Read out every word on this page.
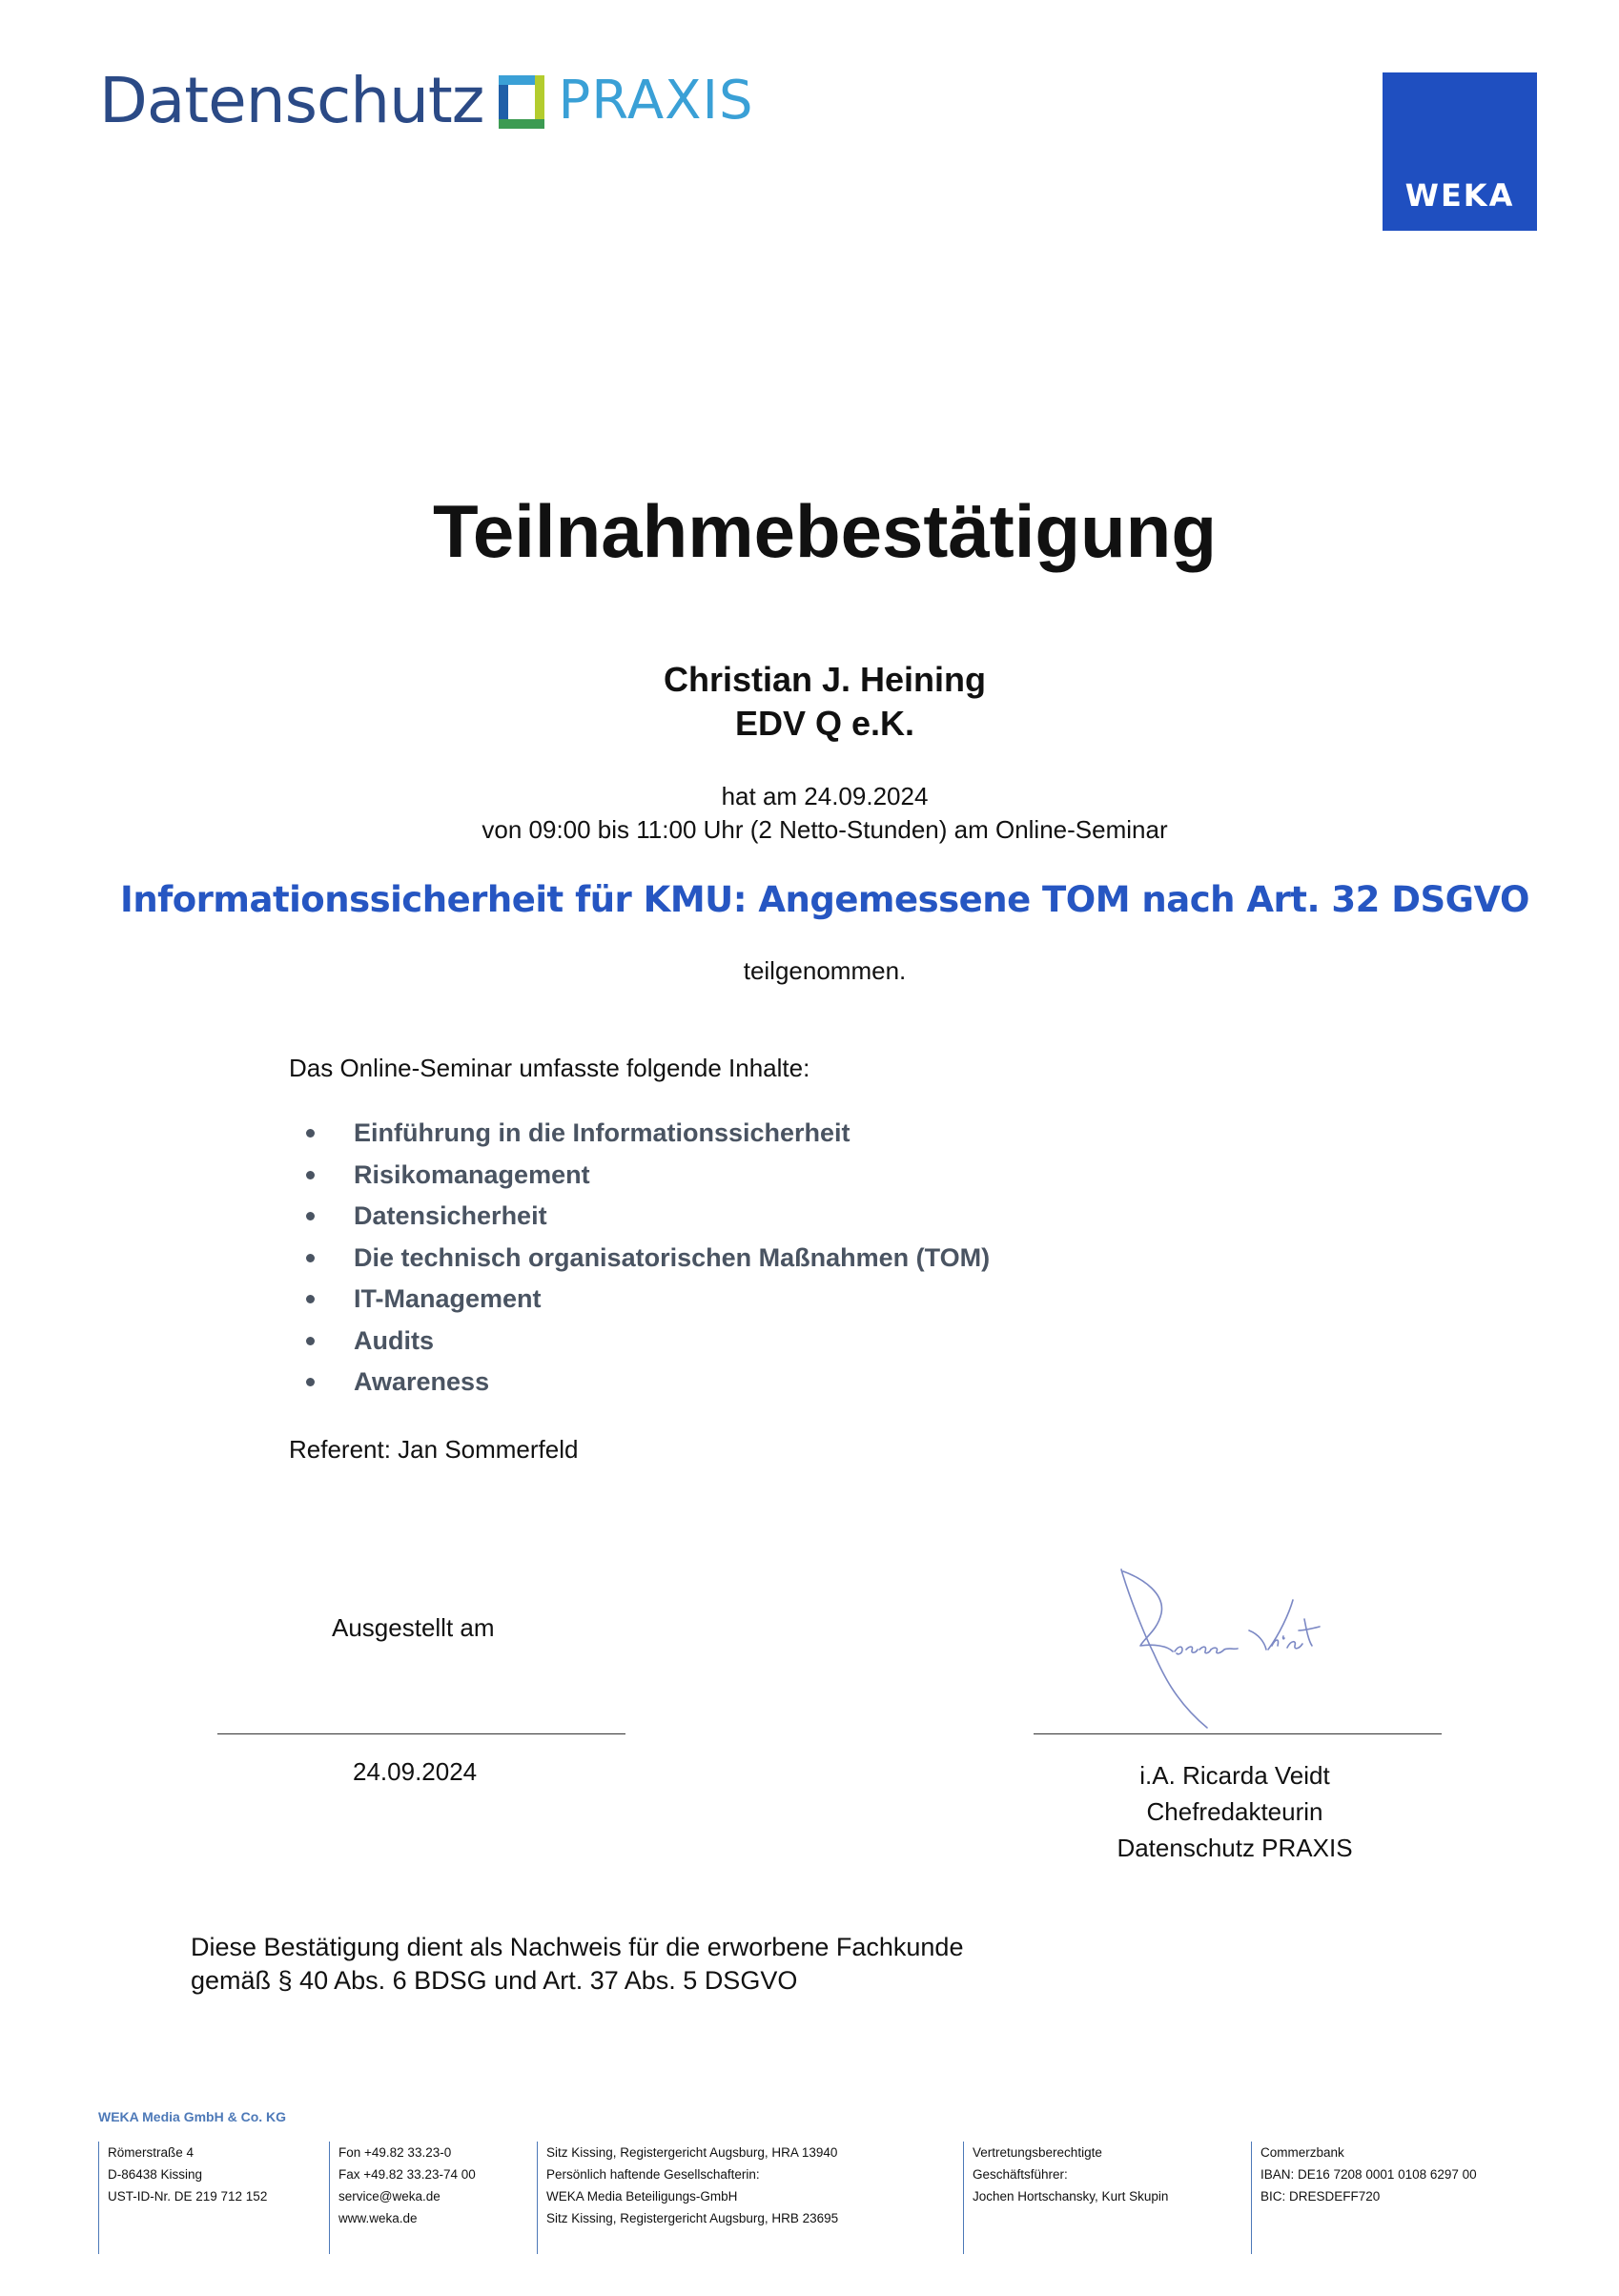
Datenschutz PRAXIS
WEKA
Teilnahmebestätigung
Christian J. Heining
EDV Q e.K.
hat am 24.09.2024
von 09:00 bis 11:00 Uhr (2 Netto-Stunden) am Online-Seminar
Informationssicherheit für KMU: Angemessene TOM nach Art. 32 DSGVO
teilgenommen.
Das Online-Seminar umfasste folgende Inhalte:
Einführung in die Informationssicherheit
Risikomanagement
Datensicherheit
Die technisch organisatorischen Maßnahmen (TOM)
IT-Management
Audits
Awareness
Referent: Jan Sommerfeld
Ausgestellt am
24.09.2024	i.A. Ricarda Veidt
Chefredakteurin
Datenschutz PRAXIS
Diese Bestätigung dient als Nachweis für die erworbene Fachkunde
gemäß § 40 Abs. 6 BDSG und Art. 37 Abs. 5 DSGVO
WEKA Media GmbH & Co. KG
Römerstraße 4
D-86438 Kissing
UST-ID-Nr. DE 219 712 152
Fon +49.82 33.23-0
Fax +49.82 33.23-74 00
service@weka.de
www.weka.de
Sitz Kissing, Registergericht Augsburg, HRA 13940
Persönlich haftende Gesellschafterin:
WEKA Media Beteiligungs-GmbH
Sitz Kissing, Registergericht Augsburg, HRB 23695
Vertretungsberechtigte
Geschäftsführer:
Jochen Hortschansky, Kurt Skupin
Commerzbank
IBAN: DE16 7208 0001 0108 6297 00
BIC: DRESDEFF720
